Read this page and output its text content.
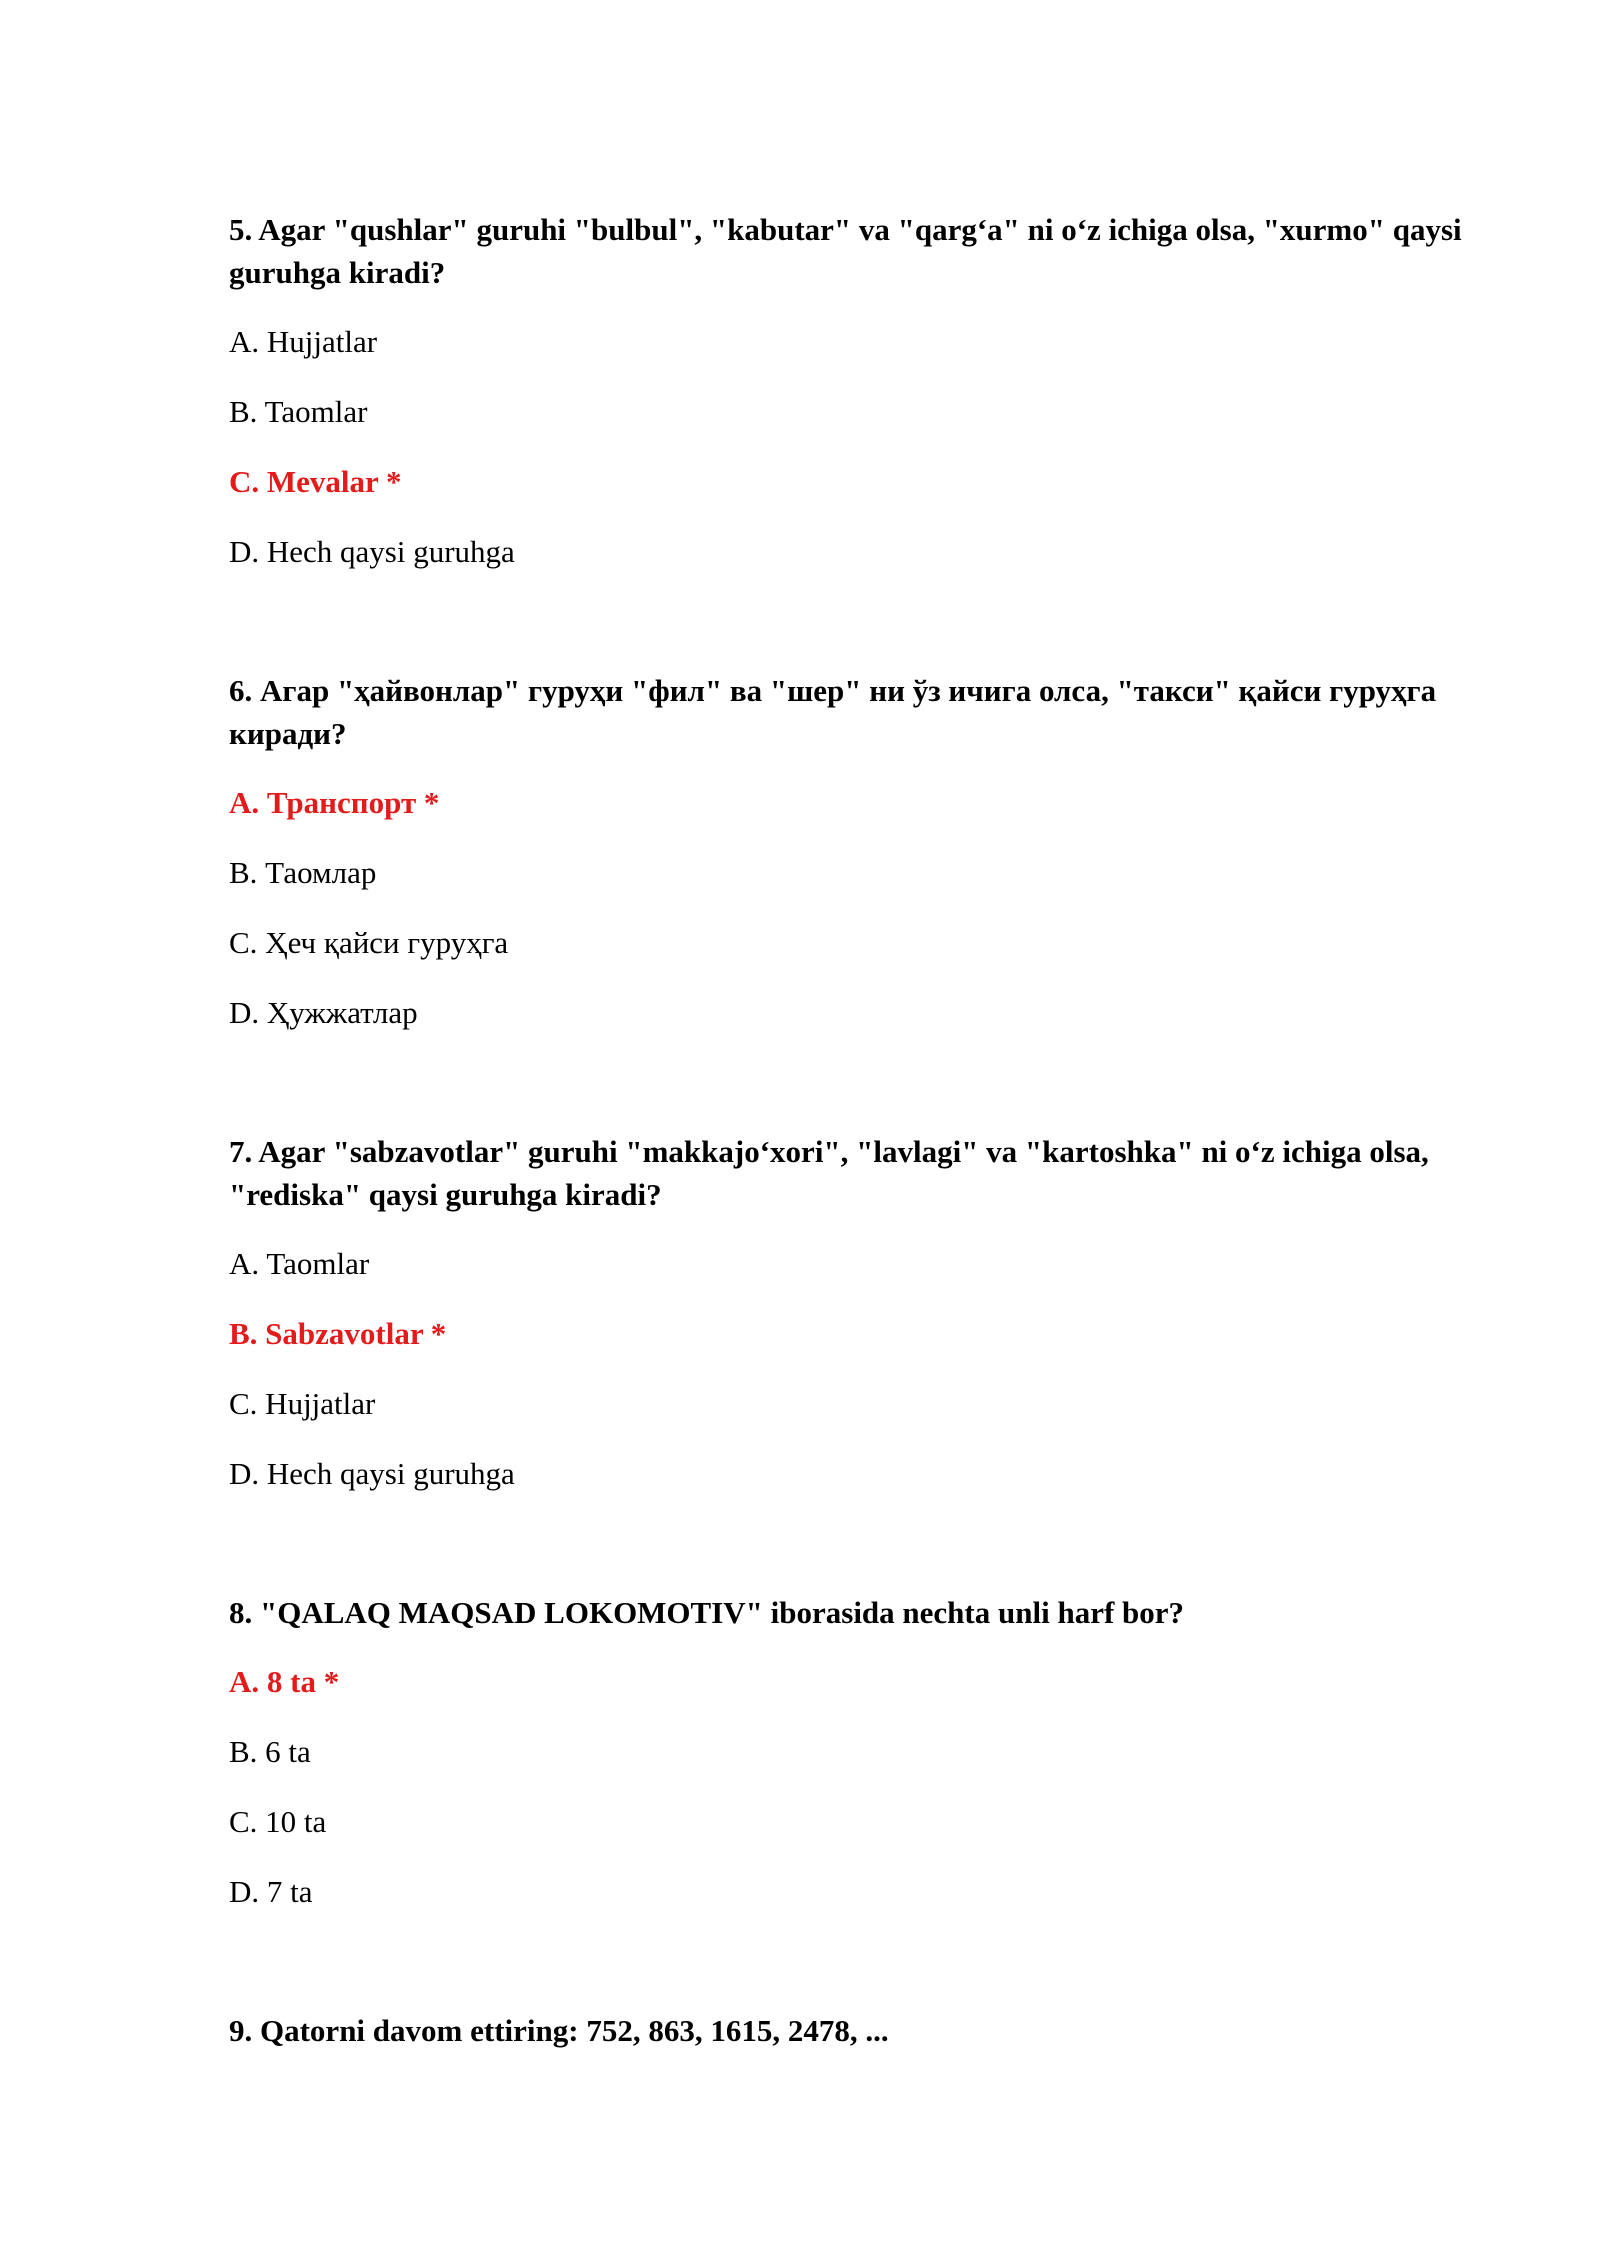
5. Agar "qushlar" guruhi "bulbul", "kabutar" va "qarg‘a" ni o‘z ichiga olsa, "xurmo" qaysi guruhga kiradi?

A. Hujjatlar

B. Taomlar

C. Mevalar *

D. Hech qaysi guruhga

6. Агар "ҳайвонлар" гуруҳи "фил" ва "шер" ни ўз ичига олса, "такси" қайси гуруҳга киради?

A. Транспорт *

B. Таомлар

C. Ҳеч қайси гуруҳга

D. Ҳужжатлар

7. Agar "sabzavotlar" guruhi "makkajo‘xori", "lavlagi" va "kartoshka" ni o‘z ichiga olsa, "rediska" qaysi guruhga kiradi?

A. Taomlar

B. Sabzavotlar *

C. Hujjatlar

D. Hech qaysi guruhga

8. "QALAQ MAQSAD LOKOMOTIV" iborasida nechta unli harf bor?

A. 8 ta *

B. 6 ta

C. 10 ta

D. 7 ta

9. Qatorni davom ettiring: 752, 863, 1615, 2478, ...
